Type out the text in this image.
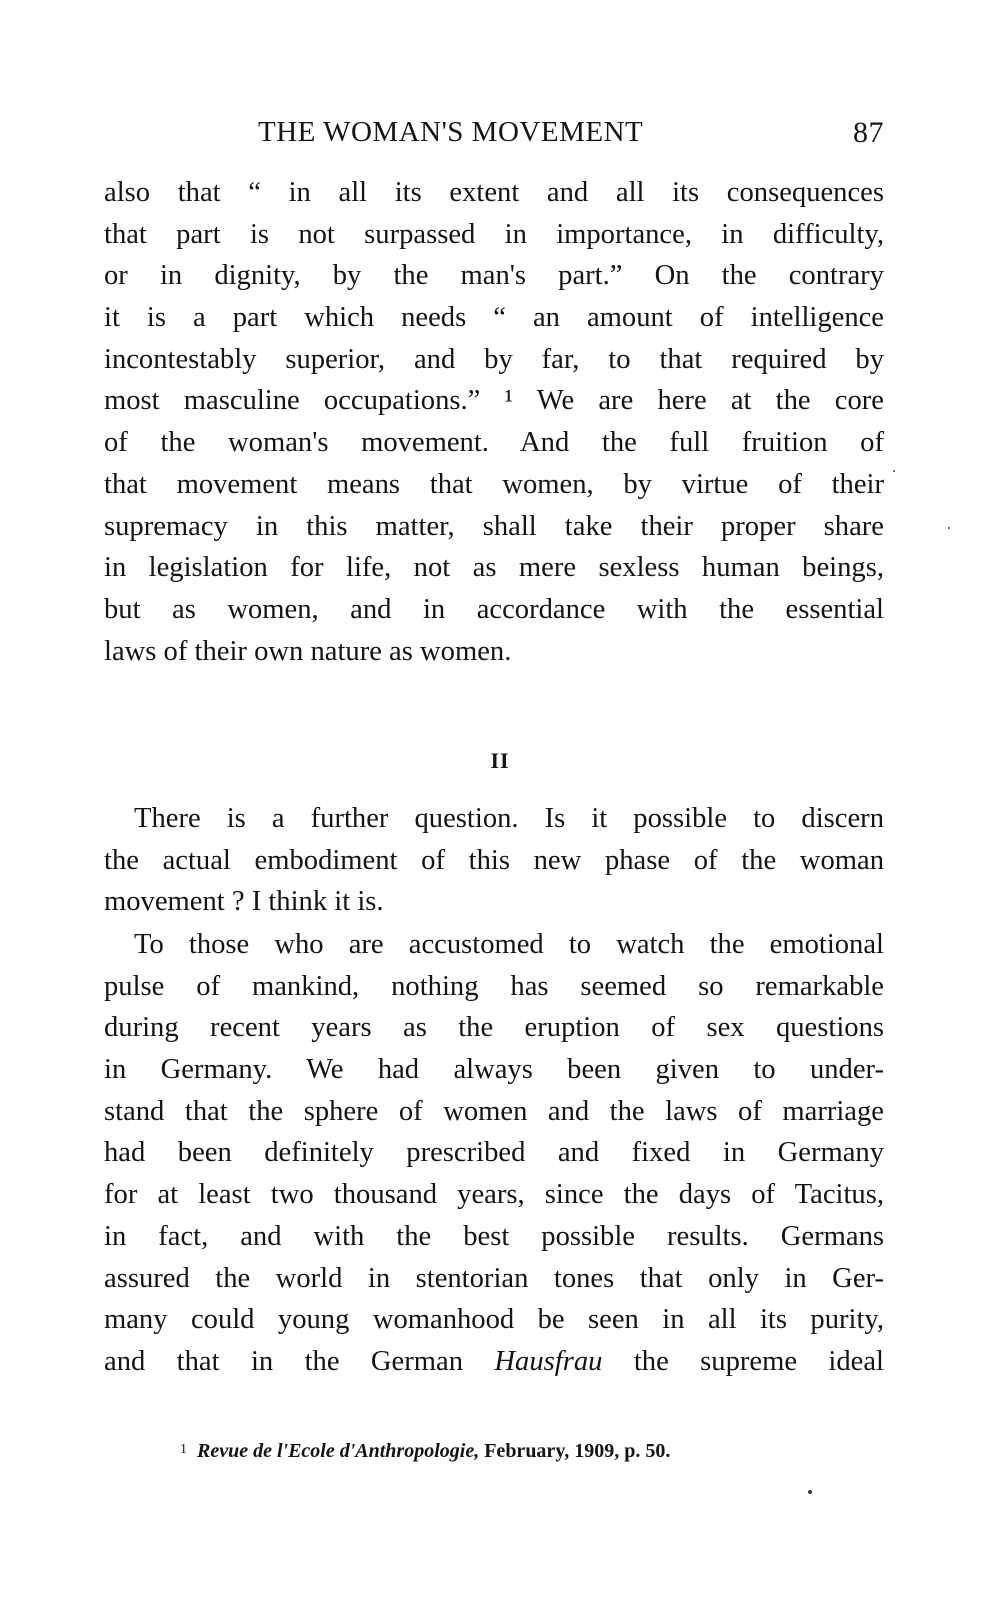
THE WOMAN'S MOVEMENT	87
also that “ in all its extent and all its consequences
that part is not surpassed in importance, in difficulty,
or in dignity, by the man's part.” On the contrary
it is a part which needs “ an amount of intelligence
incontestably superior, and by far, to that required by
most masculine occupations.” ¹ We are here at the core
of the woman's movement. And the full fruition of
that movement means that women, by virtue of their
supremacy in this matter, shall take their proper share
in legislation for life, not as mere sexless human beings,
but as women, and in accordance with the essential
laws of their own nature as women.
II
There is a further question. Is it possible to discern
the actual embodiment of this new phase of the woman
movement ? I think it is.
To those who are accustomed to watch the emotional
pulse of mankind, nothing has seemed so remarkable
during recent years as the eruption of sex questions
in Germany. We had always been given to under-
stand that the sphere of women and the laws of marriage
had been definitely prescribed and fixed in Germany
for at least two thousand years, since the days of Tacitus,
in fact, and with the best possible results. Germans
assured the world in stentorian tones that only in Ger-
many could young womanhood be seen in all its purity,
and that in the German Hausfrau the supreme ideal
$^1$ Revue de l'Ecole d'Anthropologie, February, 1909, p. 50.
